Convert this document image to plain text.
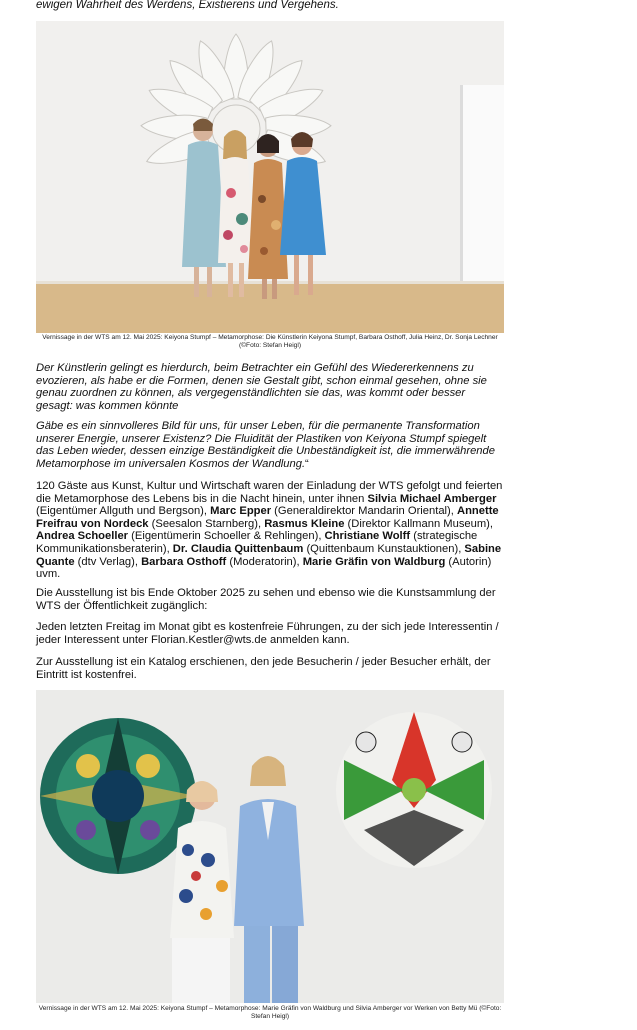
ewigen Wahrheit des Werdens, Existierens und Vergehens.

Vernissage in der WTS am 12. Mai 2025: Keiyona Stumpf – Metamorphose: Die Künstlerin Keiyona Stumpf, Barbara Osthoff, Julia Heinz, Dr. Sonja Lechner (©Foto: Stefan Heigl)

Der Künstlerin gelingt es hierdurch, beim Betrachter ein Gefühl des Wiedererkennens zu evozieren, als habe er die Formen, denen sie Gestalt gibt, schon einmal gesehen, ohne sie genau zuordnen zu können, als vergegenständlichten sie das, was kommt oder besser gesagt: was kommen könnte

Gäbe es ein sinnvolleres Bild für uns, für unser Leben, für die permanente Transformation unserer Energie, unserer Existenz? Die Fluidität der Plastiken von Keiyona Stumpf spiegelt das Leben wieder, dessen einzige Beständigkeit die Unbeständigkeit ist, die immerwährende Metamorphose im universalen Kosmos der Wandlung.“

120 Gäste aus Kunst, Kultur und Wirtschaft waren der Einladung der WTS gefolgt und feierten die Metamorphose des Lebens bis in die Nacht hinein, unter ihnen Silvia Michael Amberger (Eigentümer Allguth und Bergson), Marc Epper (Generaldirektor Mandarin Oriental), Annette Freifrau von Nordeck (Seesalon Starnberg), Rasmus Kleine (Direktor Kallmann Museum), Andrea Schoeller (Eigentümerin Schoeller & Rehlingen), Christiane Wolff (strategische Kommunikationsberaterin), Dr. Claudia Quittenbaum (Quittenbaum Kunstauktionen), Sabine Quante (dtv Verlag), Barbara Osthoff (Moderatorin), Marie Gräfin von Waldburg (Autorin) uvm.

Die Ausstellung ist bis Ende Oktober 2025 zu sehen und ebenso wie die Kunstsammlung der WTS der Öffentlichkeit zugänglich:

Jeden letzten Freitag im Monat gibt es kostenfreie Führungen, zu der sich jede Interessentin / jeder Interessent unter Florian.Kestler@wts.de anmelden kann.

Zur Ausstellung ist ein Katalog erschienen, den jede Besucherin / jeder Besucher erhält, der Eintritt ist kostenfrei.

Vernissage in der WTS am 12. Mai 2025: Keiyona Stumpf – Metamorphose: Marie Gräfin von Waldburg und Silvia Amberger vor Werken von Betty Mü (©Foto: Stefan Heigl)
